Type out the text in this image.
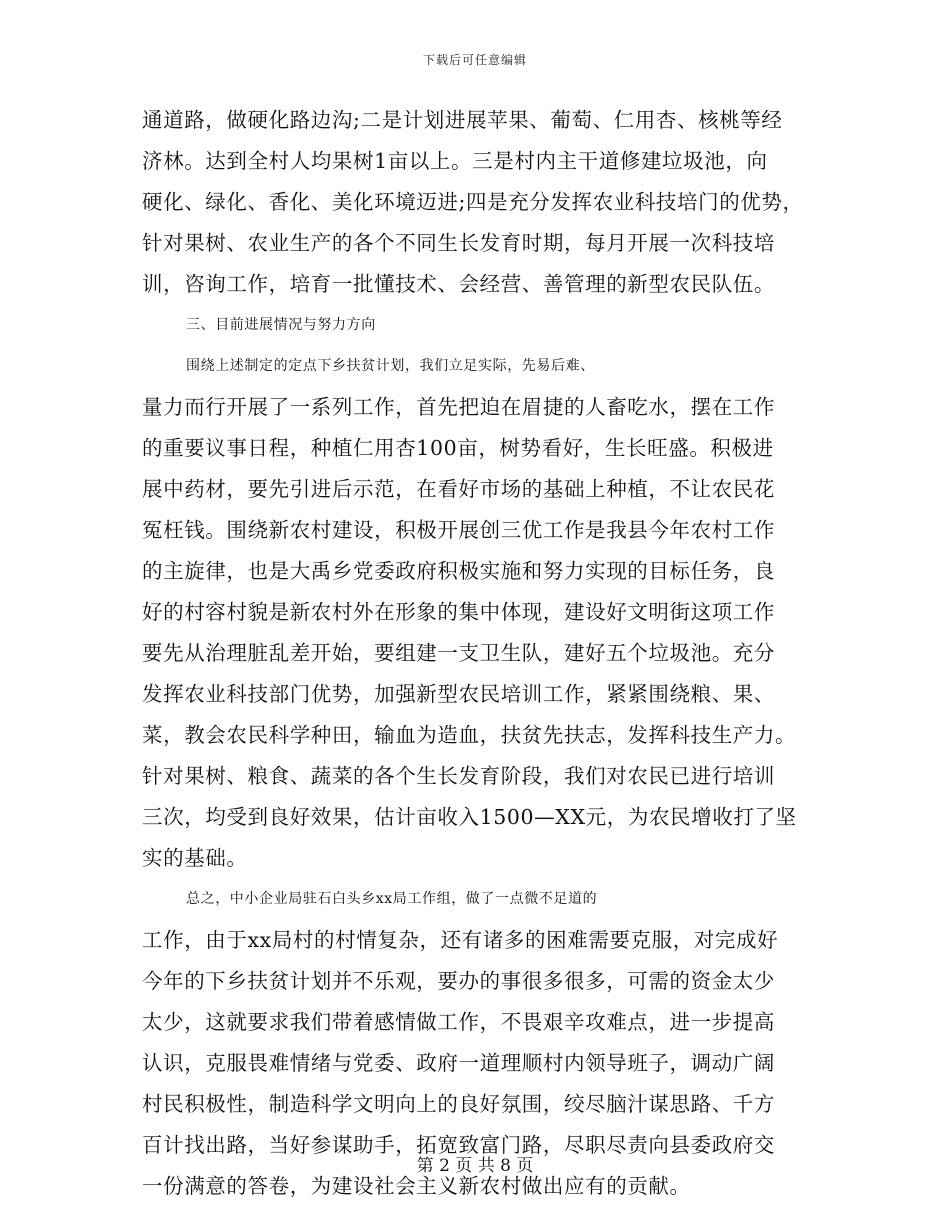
下载后可任意编辑
通道路，做硬化路边沟;二是计划进展苹果、葡萄、仁用杏、核桃等经
济林。达到全村人均果树1亩以上。三是村内主干道修建垃圾池，向
硬化、绿化、香化、美化环境迈进;四是充分发挥农业科技培门的优势，
针对果树、农业生产的各个不同生长发育时期，每月开展一次科技培
训，咨询工作，培育一批懂技术、会经营、善管理的新型农民队伍。
三、目前进展情况与努力方向
围绕上述制定的定点下乡扶贫计划，我们立足实际，先易后难、
量力而行开展了一系列工作，首先把迫在眉捷的人畜吃水，摆在工作
的重要议事日程，种植仁用杏100亩，树势看好，生长旺盛。积极进
展中药材，要先引进后示范，在看好市场的基础上种植，不让农民花
冤枉钱。围绕新农村建设，积极开展创三优工作是我县今年农村工作
的主旋律，也是大禹乡党委政府积极实施和努力实现的目标任务，良
好的村容村貌是新农村外在形象的集中体现，建设好文明街这项工作
要先从治理脏乱差开始，要组建一支卫生队，建好五个垃圾池。充分
发挥农业科技部门优势，加强新型农民培训工作，紧紧围绕粮、果、
菜，教会农民科学种田，输血为造血，扶贫先扶志，发挥科技生产力。
针对果树、粮食、蔬菜的各个生长发育阶段，我们对农民已进行培训
三次，均受到良好效果，估计亩收入1500—XX元，为农民增收打了坚
实的基础。
总之，中小企业局驻石白头乡xx局工作组，做了一点微不足道的
工作，由于xx局村的村情复杂，还有诸多的困难需要克服，对完成好
今年的下乡扶贫计划并不乐观，要办的事很多很多，可需的资金太少
太少，这就要求我们带着感情做工作，不畏艰辛攻难点，进一步提高
认识，克服畏难情绪与党委、政府一道理顺村内领导班子，调动广阔
村民积极性，制造科学文明向上的良好氛围，绞尽脑汁谋思路、千方
百计找出路，当好参谋助手，拓宽致富门路，尽职尽责向县委政府交
一份满意的答卷，为建设社会主义新农村做出应有的贡献。
第 2 页 共 8 页
